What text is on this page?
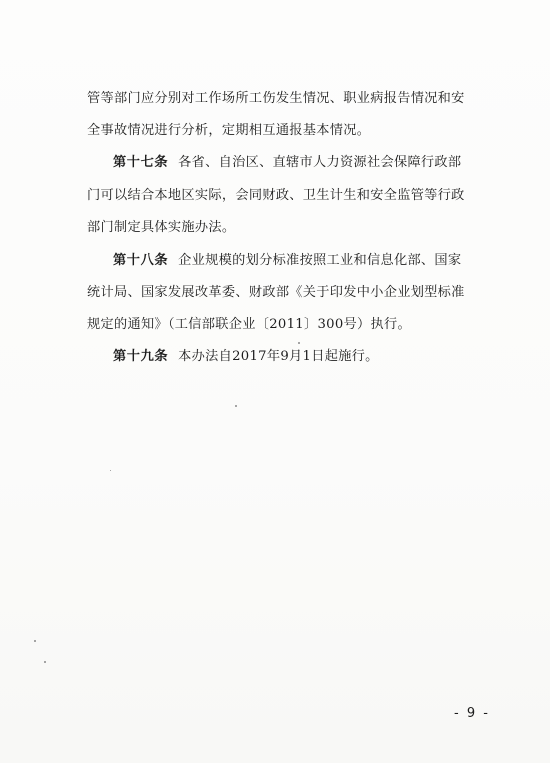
管等部门应分别对工作场所工伤发生情况、职业病报告情况和安
全事故情况进行分析，定期相互通报基本情况。
第十七条 各省、自治区、直辖市人力资源社会保障行政部
门可以结合本地区实际，会同财政、卫生计生和安全监管等行政
部门制定具体实施办法。
第十八条 企业规模的划分标准按照工业和信息化部、国家
统计局、国家发展改革委、财政部《关于印发中小企业划型标准
规定的通知》（工信部联企业〔2011〕300号）执行。
第十九条 本办法自2017年9月1日起施行。
- 9 -
